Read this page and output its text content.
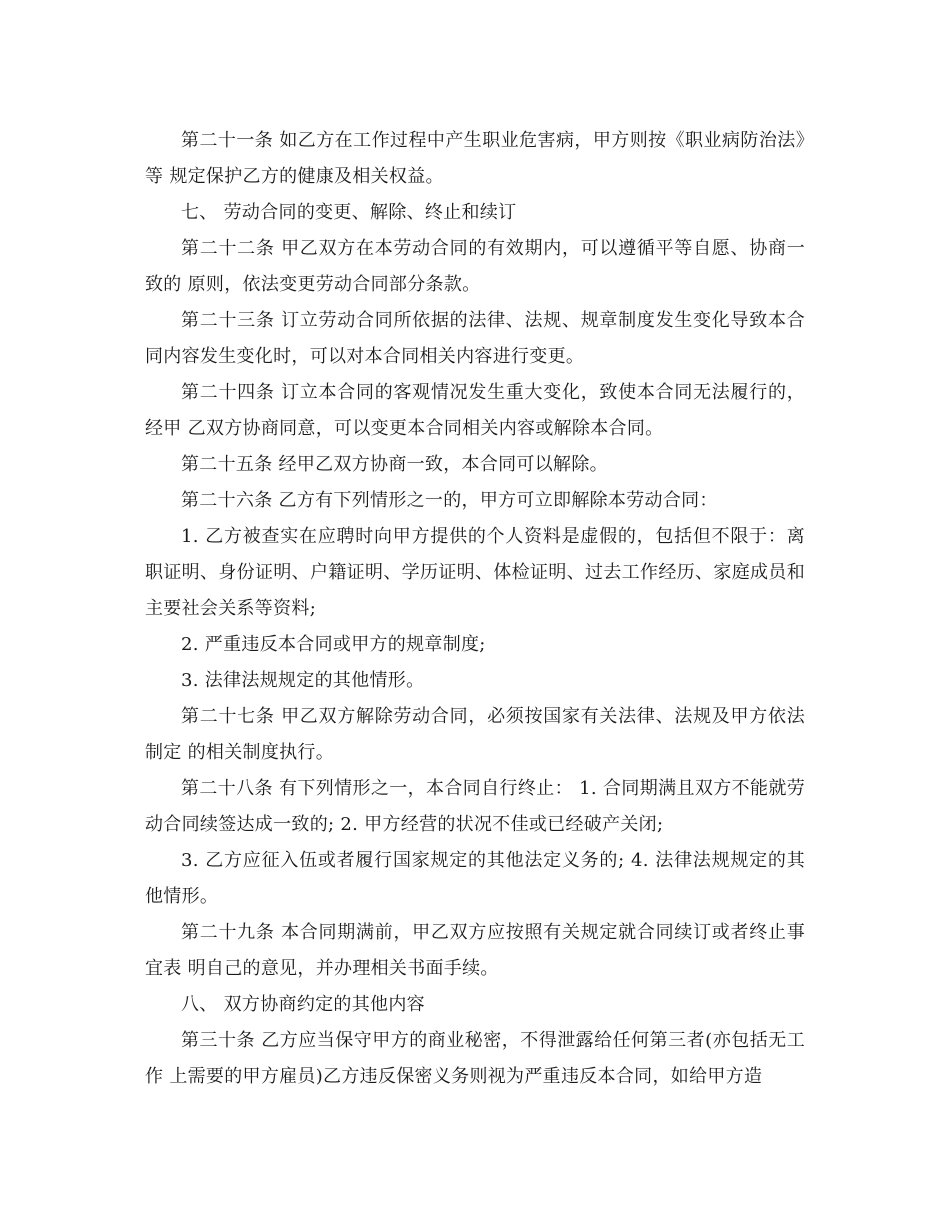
第二十一条 如乙方在工作过程中产生职业危害病，甲方则按《职业病防治法》等 规定保护乙方的健康及相关权益。

七、 劳动合同的变更、解除、终止和续订

第二十二条 甲乙双方在本劳动合同的有效期内，可以遵循平等自愿、协商一致的 原则，依法变更劳动合同部分条款。

第二十三条 订立劳动合同所依据的法律、法规、规章制度发生变化导致本合同内容发生变化时，可以对本合同相关内容进行变更。

第二十四条 订立本合同的客观情况发生重大变化，致使本合同无法履行的，经甲 乙双方协商同意，可以变更本合同相关内容或解除本合同。

第二十五条 经甲乙双方协商一致，本合同可以解除。

第二十六条 乙方有下列情形之一的，甲方可立即解除本劳动合同：

1. 乙方被查实在应聘时向甲方提供的个人资料是虚假的，包括但不限于：离职证明、身份证明、户籍证明、学历证明、体检证明、过去工作经历、家庭成员和主要社会关系等资料;

2. 严重违反本合同或甲方的规章制度;

3. 法律法规规定的其他情形。

第二十七条 甲乙双方解除劳动合同，必须按国家有关法律、法规及甲方依法制定 的相关制度执行。

第二十八条 有下列情形之一，本合同自行终止： 1. 合同期满且双方不能就劳动合同续签达成一致的; 2. 甲方经营的状况不佳或已经破产关闭;

3. 乙方应征入伍或者履行国家规定的其他法定义务的; 4. 法律法规规定的其他情形。

第二十九条 本合同期满前，甲乙双方应按照有关规定就合同续订或者终止事宜表 明自己的意见，并办理相关书面手续。

八、 双方协商约定的其他内容

第三十条 乙方应当保守甲方的商业秘密，不得泄露给任何第三者(亦包括无工作 上需要的甲方雇员)乙方违反保密义务则视为严重违反本合同，如给甲方造
